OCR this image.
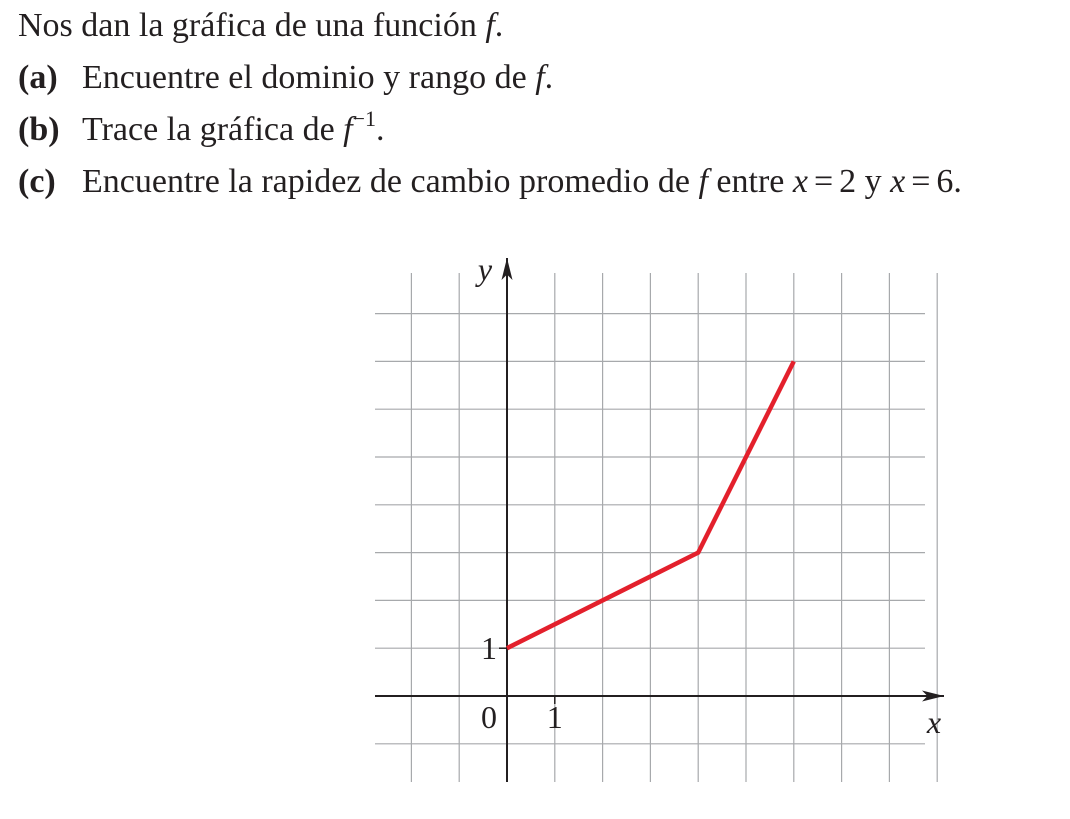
Nos dan la gráfica de una función f.
(a) Encuentre el dominio y rango de f.
(b) Trace la gráfica de $f^{-1}$.
(c) Encuentre la rapidez de cambio promedio de f entre x = 2 y x = 6.
y
x
0 1
1
